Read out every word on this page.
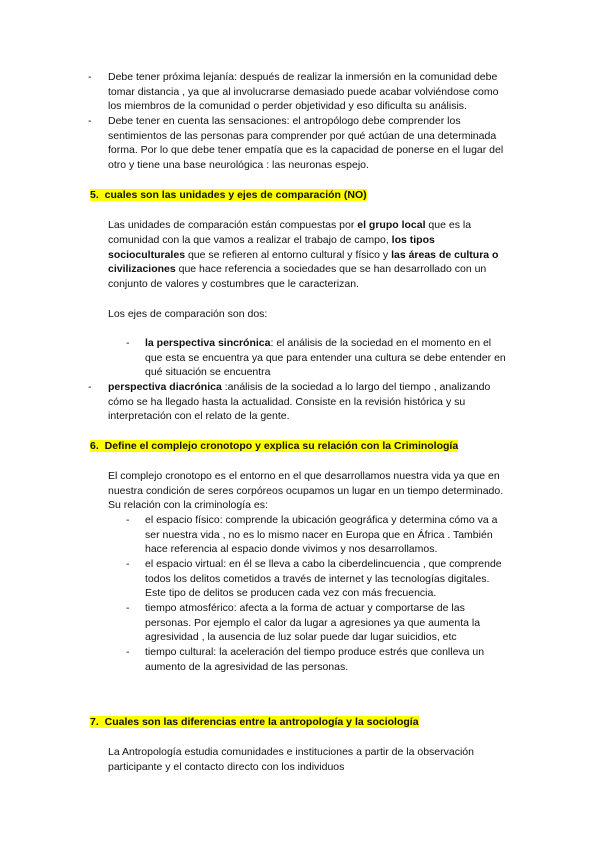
- Debe tener próxima lejanía: después de realizar la inmersión en la comunidad debe
tomar distancia , ya que al involucrarse demasiado puede acabar volviéndose como
los miembros de la comunidad o perder objetividad y eso dificulta su análisis.
- Debe tener en cuenta las sensaciones: el antropólogo debe comprender los
sentimientos de las personas para comprender por qué actúan de una determinada
forma. Por lo que debe tener empatía que es la capacidad de ponerse en el lugar del
otro y tiene una base neurológica : las neuronas espejo.
5. cuales son las unidades y ejes de comparación (NO)
Las unidades de comparación están compuestas por el grupo local que es la
comunidad con la que vamos a realizar el trabajo de campo, los tipos
socioculturales que se refieren al entorno cultural y físico y las áreas de cultura o
civilizaciones que hace referencia a sociedades que se han desarrollado con un
conjunto de valores y costumbres que le caracterizan.
Los ejes de comparación son dos:
- la perspectiva sincrónica: el análisis de la sociedad en el momento en el
que esta se encuentra ya que para entender una cultura se debe entender en
qué situación se encuentra
- perspectiva diacrónica :análisis de la sociedad a lo largo del tiempo , analizando
cómo se ha llegado hasta la actualidad. Consiste en la revisión histórica y su
interpretación con el relato de la gente.
6. Define el complejo cronotopo y explica su relación con la Criminología
El complejo cronotopo es el entorno en el que desarrollamos nuestra vida ya que en
nuestra condición de seres corpóreos ocupamos un lugar en un tiempo determinado.
Su relación con la criminología es:
- el espacio físico: comprende la ubicación geográfica y determina cómo va a
ser nuestra vida , no es lo mismo nacer en Europa que en África . También
hace referencia al espacio donde vivimos y nos desarrollamos.
- el espacio virtual: en él se lleva a cabo la ciberdelincuencia , que comprende
todos los delitos cometidos a través de internet y las tecnologías digitales.
Este tipo de delitos se producen cada vez con más frecuencia.
- tiempo atmosférico: afecta a la forma de actuar y comportarse de las
personas. Por ejemplo el calor da lugar a agresiones ya que aumenta la
agresividad , la ausencia de luz solar puede dar lugar suicidios, etc
- tiempo cultural: la aceleración del tiempo produce estrés que conlleva un
aumento de la agresividad de las personas.
7. Cuales son las diferencias entre la antropología y la sociología
La Antropología estudia comunidades e instituciones a partir de la observación
participante y el contacto directo con los individuos
